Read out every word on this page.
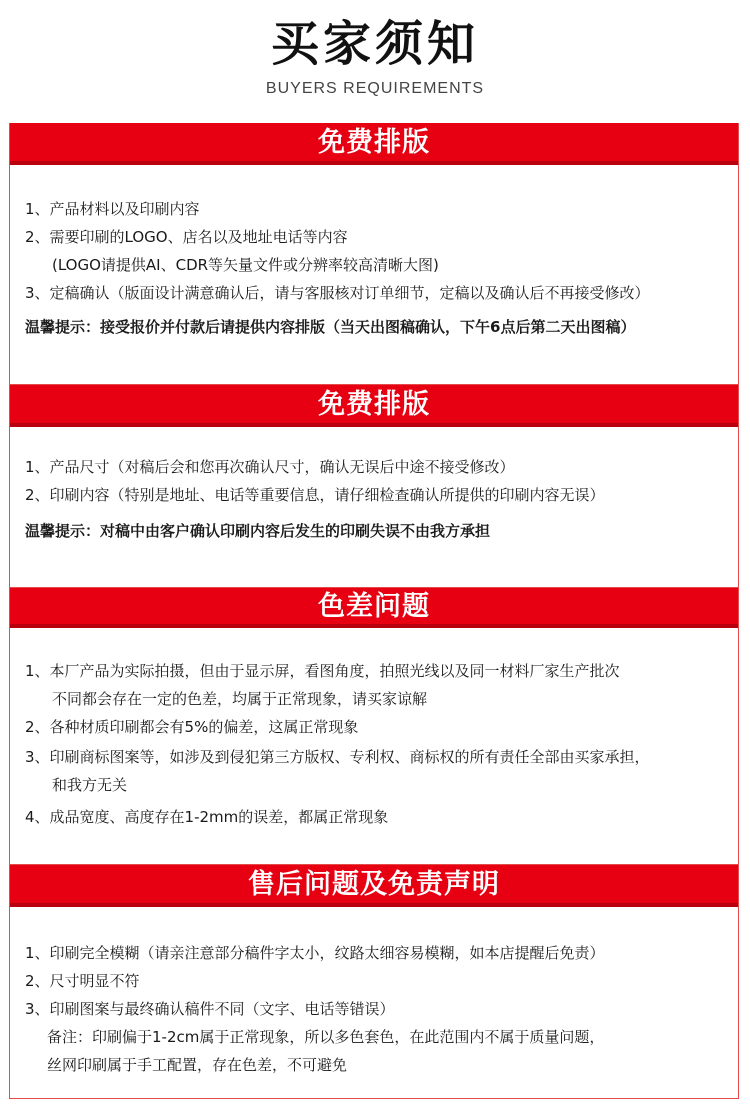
买家须知
BUYERS REQUIREMENTS
免费排版
1、产品材料以及印刷内容
2、需要印刷的LOGO、店名以及地址电话等内容
(LOGO请提供AI、CDR等矢量文件或分辨率较高清晰大图)
3、定稿确认（版面设计满意确认后，请与客服核对订单细节，定稿以及确认后不再接受修改）
温馨提示：接受报价并付款后请提供内容排版（当天出图稿确认，下午6点后第二天出图稿）
免费排版
1、产品尺寸（对稿后会和您再次确认尺寸，确认无误后中途不接受修改）
2、印刷内容（特别是地址、电话等重要信息，请仔细检查确认所提供的印刷内容无误）
温馨提示：对稿中由客户确认印刷内容后发生的印刷失误不由我方承担
色差问题
1、本厂产品为实际拍摄，但由于显示屏，看图角度，拍照光线以及同一材料厂家生产批次
不同都会存在一定的色差，均属于正常现象，请买家谅解
2、各种材质印刷都会有5%的偏差，这属正常现象
3、印刷商标图案等，如涉及到侵犯第三方版权、专利权、商标权的所有责任全部由买家承担，
和我方无关
4、成品宽度、高度存在1-2mm的误差，都属正常现象
售后问题及免责声明
1、印刷完全模糊（请亲注意部分稿件字太小，纹路太细容易模糊，如本店提醒后免责）
2、尺寸明显不符
3、印刷图案与最终确认稿件不同（文字、电话等错误）
备注：印刷偏于1-2cm属于正常现象，所以多色套色，在此范围内不属于质量问题，
丝网印刷属于手工配置，存在色差，不可避免
